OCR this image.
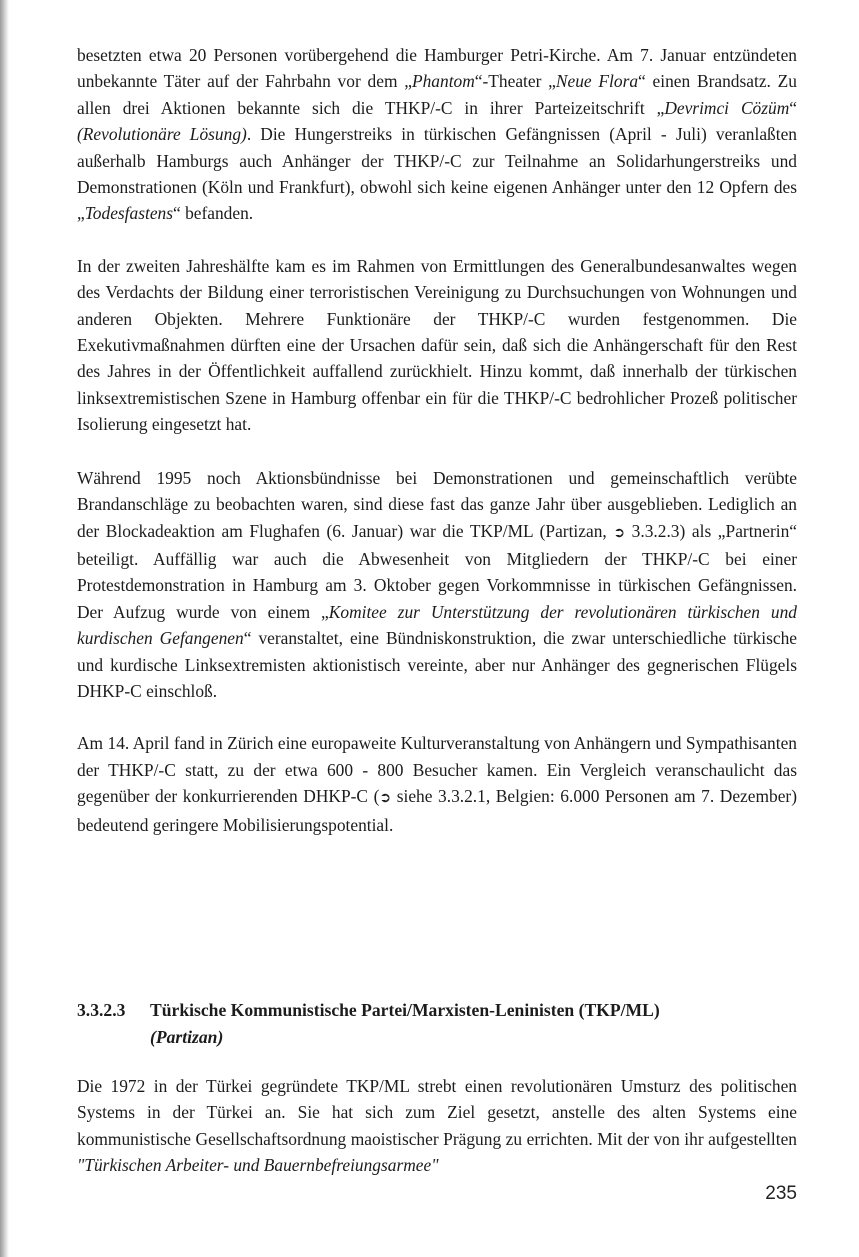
besetzten etwa 20 Personen vorübergehend die Hamburger Petri-Kirche. Am 7. Januar entzündeten unbekannte Täter auf der Fahrbahn vor dem „Phantom“-Theater „Neue Flora“ einen Brandsatz. Zu allen drei Aktionen bekannte sich die THKP/-C in ihrer Parteizeitschrift „Devrimci Cözüm“ (Revolutionäre Lösung). Die Hungerstreiks in türkischen Gefängnissen (April - Juli) veranlaßten außerhalb Hamburgs auch Anhänger der THKP/-C zur Teilnahme an Solidarhungerstreiks und Demonstrationen (Köln und Frankfurt), obwohl sich keine eigenen Anhänger unter den 12 Opfern des „Todesfastens“ befanden.

In der zweiten Jahreshälfte kam es im Rahmen von Ermittlungen des Generalbundesanwaltes wegen des Verdachts der Bildung einer terroristischen Vereinigung zu Durchsuchungen von Wohnungen und anderen Objekten. Mehrere Funktionäre der THKP/-C wurden festgenommen. Die Exekutivmaßnahmen dürften eine der Ursachen dafür sein, daß sich die Anhängerschaft für den Rest des Jahres in der Öffentlichkeit auffallend zurückhielt. Hinzu kommt, daß innerhalb der türkischen linksextremistischen Szene in Hamburg offenbar ein für die THKP/-C bedrohlicher Prozeß politischer Isolierung eingesetzt hat.

Während 1995 noch Aktionsbündnisse bei Demonstrationen und gemeinschaftlich verübte Brandanschläge zu beobachten waren, sind diese fast das ganze Jahr über ausgeblieben. Lediglich an der Blockadeaktion am Flughafen (6. Januar) war die TKP/ML (Partizan, ➲ 3.3.2.3) als „Partnerin“ beteiligt. Auffällig war auch die Abwesenheit von Mitgliedern der THKP/-C bei einer Protestdemonstration in Hamburg am 3. Oktober gegen Vorkommnisse in türkischen Gefängnissen. Der Aufzug wurde von einem „Komitee zur Unterstützung der revolutionären türkischen und kurdischen Gefangenen“ veranstaltet, eine Bündniskonstruktion, die zwar unterschiedliche türkische und kurdische Linksextremisten aktionistisch vereinte, aber nur Anhänger des gegnerischen Flügels DHKP-C einschloß.

Am 14. April fand in Zürich eine europaweite Kulturveranstaltung von Anhängern und Sympathisanten der THKP/-C statt, zu der etwa 600 - 800 Besucher kamen. Ein Vergleich veranschaulicht das gegenüber der konkurrierenden DHKP-C (➲ siehe 3.3.2.1, Belgien: 6.000 Personen am 7. Dezember) bedeutend geringere Mobilisierungspotential.

3.3.2.3 Türkische Kommunistische Partei/Marxisten-Leninisten (TKP/ML)
(Partizan)

Die 1972 in der Türkei gegründete TKP/ML strebt einen revolutionären Umsturz des politischen Systems in der Türkei an. Sie hat sich zum Ziel gesetzt, anstelle des alten Systems eine kommunistische Gesellschaftsordnung maoistischer Prägung zu errichten. Mit der von ihr aufgestellten "Türkischen Arbeiter- und Bauernbefreiungsarmee"

235
